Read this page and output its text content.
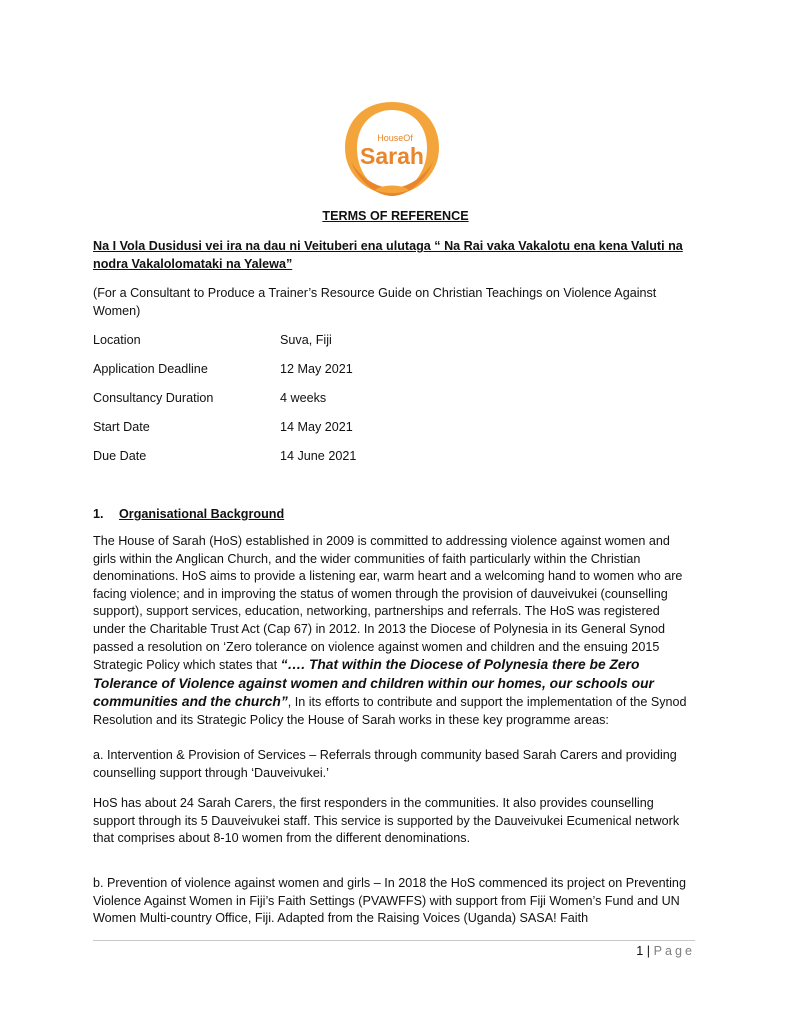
HouseOf
Sarah
TERMS OF REFERENCE
Na I Vola Dusidusi vei ira na dau ni Veituberi ena ulutaga “ Na Rai vaka Vakalotu ena kena Valuti na
nodra Vakalolomataki na Yalewa”
(For a Consultant to Produce a Trainer’s Resource Guide on Christian Teachings on Violence Against Women)
Location	Suva, Fiji
Application Deadline	12 May 2021
Consultancy Duration	4 weeks
Start Date	14 May 2021
Due Date	14 June 2021
1. Organisational Background
The House of Sarah (HoS) established in 2009 is committed to addressing violence against women and girls within the Anglican Church, and the wider communities of faith particularly within the Christian denominations. HoS aims to provide a listening ear, warm heart and a welcoming hand to women who are facing violence; and in improving the status of women through the provision of dauveivukei (counselling support), support services, education, networking, partnerships and referrals. The HoS was registered under the Charitable Trust Act (Cap 67) in 2012. In 2013 the Diocese of Polynesia in its General Synod passed a resolution on ‘Zero tolerance on violence against women and children and the ensuing 2015 Strategic Policy which states that “…. That within the Diocese of Polynesia there be Zero Tolerance of Violence against women and children within our homes, our schools our communities and the church”, In its efforts to contribute and support the implementation of the Synod Resolution and its Strategic Policy the House of Sarah works in these key programme areas:
a. Intervention & Provision of Services – Referrals through community based Sarah Carers and providing counselling support through ‘Dauveivukei.’
HoS has about 24 Sarah Carers, the first responders in the communities. It also provides counselling support through its 5 Dauveivukei staff. This service is supported by the Dauveivukei Ecumenical network that comprises about 8-10 women from the different denominations.
b. Prevention of violence against women and girls – In 2018 the HoS commenced its project on Preventing Violence Against Women in Fiji’s Faith Settings (PVAWFFS) with support from Fiji Women’s Fund and UN Women Multi-country Office, Fiji. Adapted from the Raising Voices (Uganda) SASA! Faith
1 | Page
